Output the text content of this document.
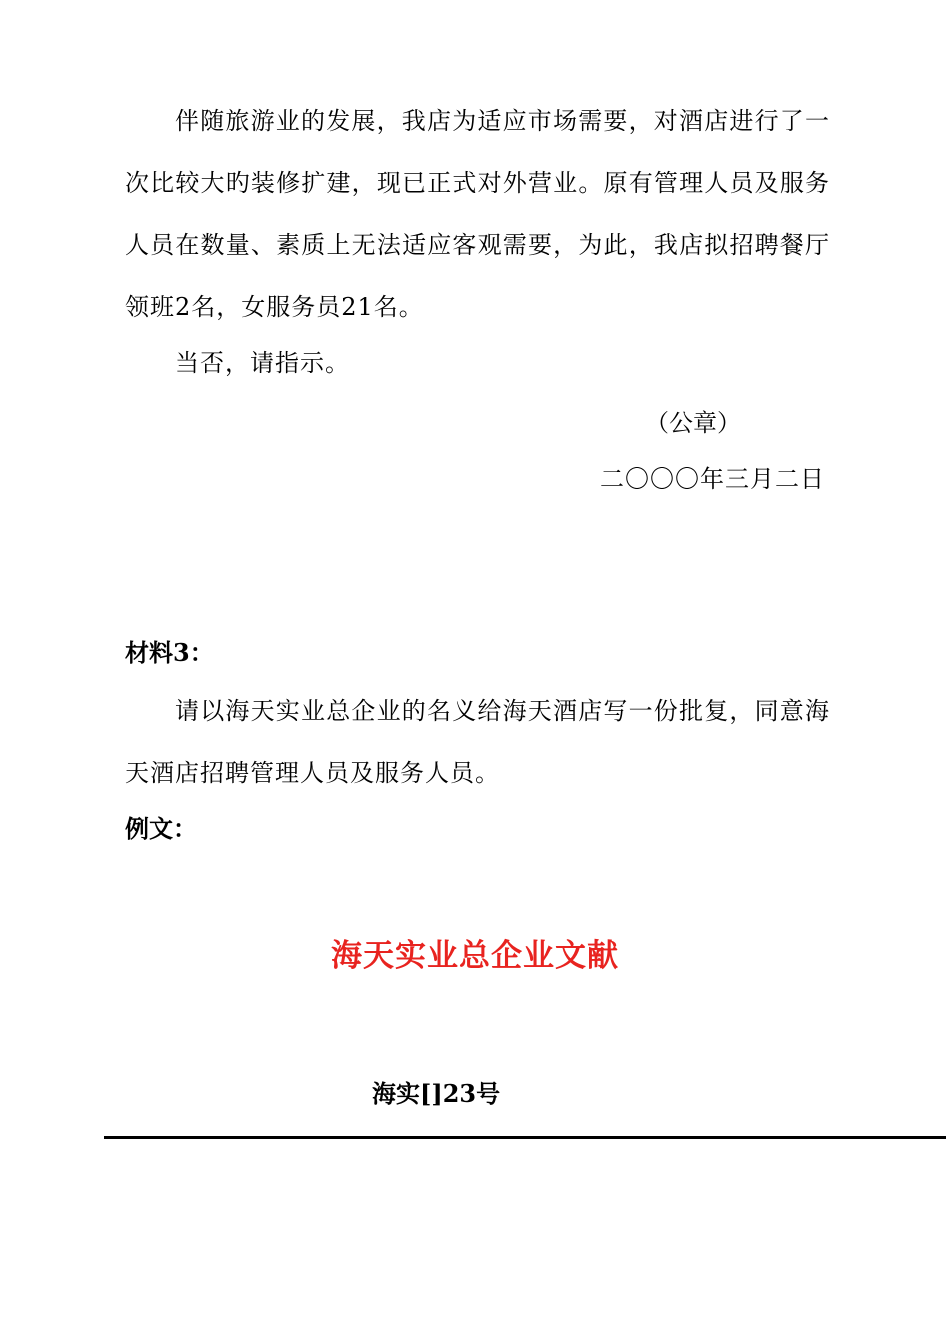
伴随旅游业的发展，我店为适应市场需要，对酒店进行了一次比较大旳装修扩建，现已正式对外营业。原有管理人员及服务人员在数量、素质上无法适应客观需要，为此，我店拟招聘餐厅领班2名，女服务员21名。

当否，请指示。

（公章）
二〇〇〇年三月二日
材料3：

请以海天实业总企业的名义给海天酒店写一份批复，同意海天酒店招聘管理人员及服务人员。

例文：
海天实业总企业文献
海实[]23号
